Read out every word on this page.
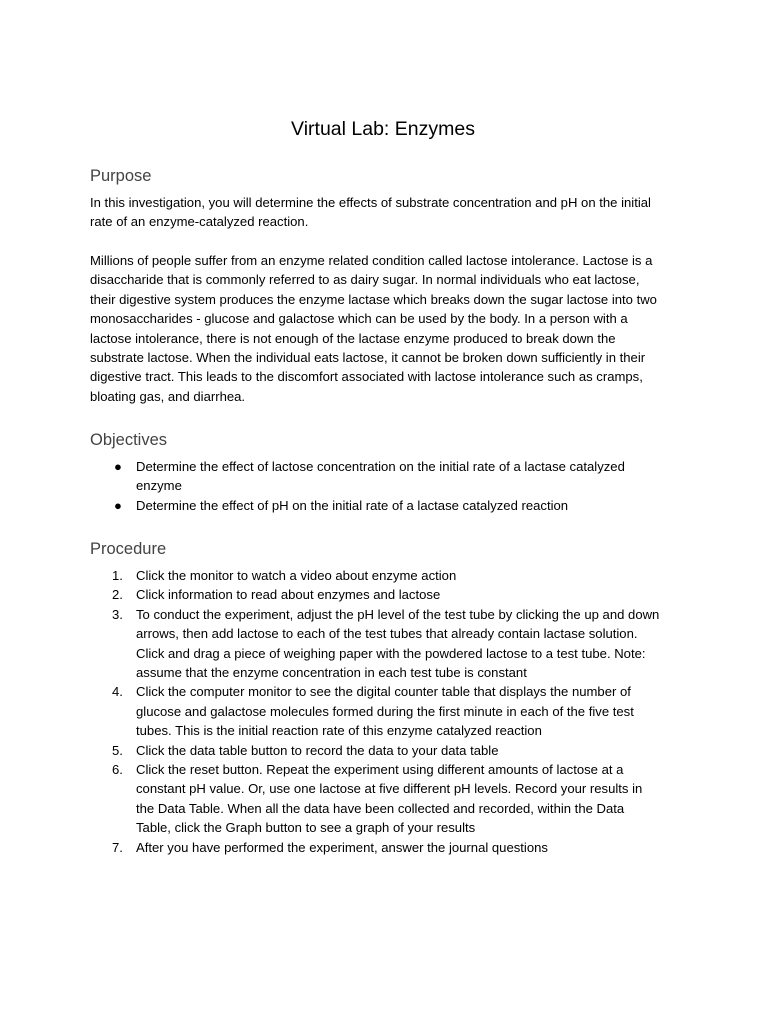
Virtual Lab: Enzymes
Purpose

In this investigation, you will determine the effects of substrate concentration and pH on the initial rate of an enzyme-catalyzed reaction.

Millions of people suffer from an enzyme related condition called lactose intolerance. Lactose is a disaccharide that is commonly referred to as dairy sugar. In normal individuals who eat lactose, their digestive system produces the enzyme lactase which breaks down the sugar lactose into two monosaccharides - glucose and galactose which can be used by the body. In a person with a lactose intolerance, there is not enough of the lactase enzyme produced to break down the substrate lactose. When the individual eats lactose, it cannot be broken down sufficiently in their digestive tract. This leads to the discomfort associated with lactose intolerance such as cramps, bloating gas, and diarrhea.

Objectives
● Determine the effect of lactose concentration on the initial rate of a lactase catalyzed enzyme
● Determine the effect of pH on the initial rate of a lactase catalyzed reaction
Procedure
1. Click the monitor to watch a video about enzyme action
2. Click information to read about enzymes and lactose
3. To conduct the experiment, adjust the pH level of the test tube by clicking the up and down arrows, then add lactose to each of the test tubes that already contain lactase solution. Click and drag a piece of weighing paper with the powdered lactose to a test tube. Note: assume that the enzyme concentration in each test tube is constant
4. Click the computer monitor to see the digital counter table that displays the number of glucose and galactose molecules formed during the first minute in each of the five test tubes. This is the initial reaction rate of this enzyme catalyzed reaction
5. Click the data table button to record the data to your data table
6. Click the reset button. Repeat the experiment using different amounts of lactose at a constant pH value. Or, use one lactose at five different pH levels. Record your results in the Data Table. When all the data have been collected and recorded, within the Data Table, click the Graph button to see a graph of your results
7. After you have performed the experiment, answer the journal questions
